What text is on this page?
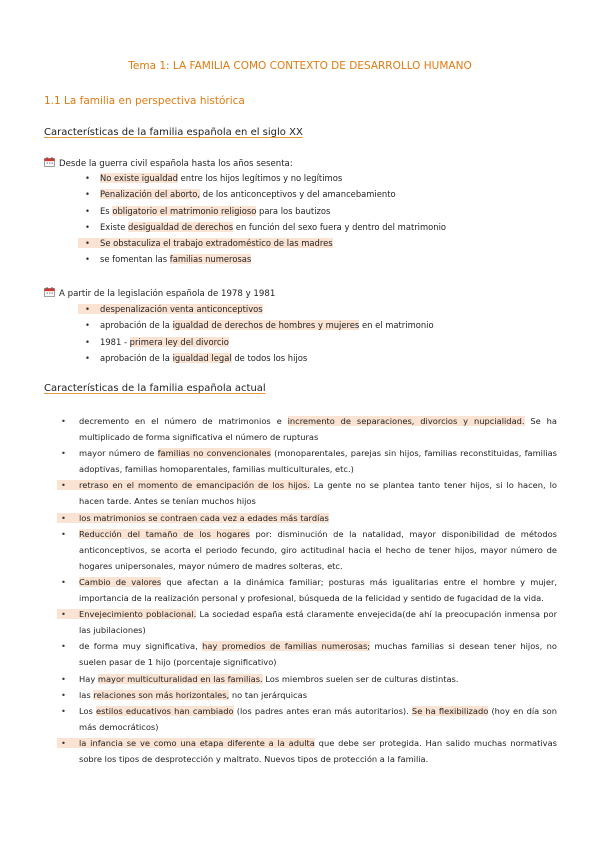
Tema 1: LA FAMILIA COMO CONTEXTO DE DESARROLLO HUMANO
1.1 La familia en perspectiva histórica
Características de la familia española en el siglo XX
Desde la guerra civil española hasta los años sesenta:
• No existe igualdad entre los hijos legítimos y no legítimos
• Penalización del aborto, de los anticonceptivos y del amancebamiento
• Es obligatorio el matrimonio religioso para los bautizos
• Existe desigualdad de derechos en función del sexo fuera y dentro del matrimonio
• Se obstaculiza el trabajo extradoméstico de las madres
• se fomentan las familias numerosas
A partir de la legislación española de 1978 y 1981
• despenalización venta anticonceptivos
• aprobación de la igualdad de derechos de hombres y mujeres en el matrimonio
• 1981 - primera ley del divorcio
• aprobación de la igualdad legal de todos los hijos
Características de la familia española actual
• decremento en el número de matrimonios e incremento de separaciones, divorcios y nupcialidad. Se ha multiplicado de forma significativa el número de rupturas
• mayor número de familias no convencionales (monoparentales, parejas sin hijos, familias reconstituidas, familias adoptivas, familias homoparentales, familias multiculturales, etc.)
• retraso en el momento de emancipación de los hijos. La gente no se plantea tanto tener hijos, si lo hacen, lo hacen tarde. Antes se tenían muchos hijos
• los matrimonios se contraen cada vez a edades más tardías
• Reducción del tamaño de los hogares por: disminución de la natalidad, mayor disponibilidad de métodos anticonceptivos, se acorta el periodo fecundo, giro actitudinal hacia el hecho de tener hijos, mayor número de hogares unipersonales, mayor número de madres solteras, etc.
• Cambio de valores que afectan a la dinámica familiar; posturas más igualitarias entre el hombre y mujer, importancia de la realización personal y profesional, búsqueda de la felicidad y sentido de fugacidad de la vida.
• Envejecimiento poblacional. La sociedad españa está claramente envejecida(de ahí la preocupación inmensa por las jubilaciones)
• de forma muy significativa, hay promedios de familias numerosas; muchas familias si desean tener hijos, no suelen pasar de 1 hijo (porcentaje significativo)
• Hay mayor multiculturalidad en las familias. Los miembros suelen ser de culturas distintas.
• las relaciones son más horizontales, no tan jerárquicas
• Los estilos educativos han cambiado (los padres antes eran más autoritarios). Se ha flexibilizado (hoy en día son más democráticos)
• la infancia se ve como una etapa diferente a la adulta que debe ser protegida. Han salido muchas normativas sobre los tipos de desprotección y maltrato. Nuevos tipos de protección a la familia.
